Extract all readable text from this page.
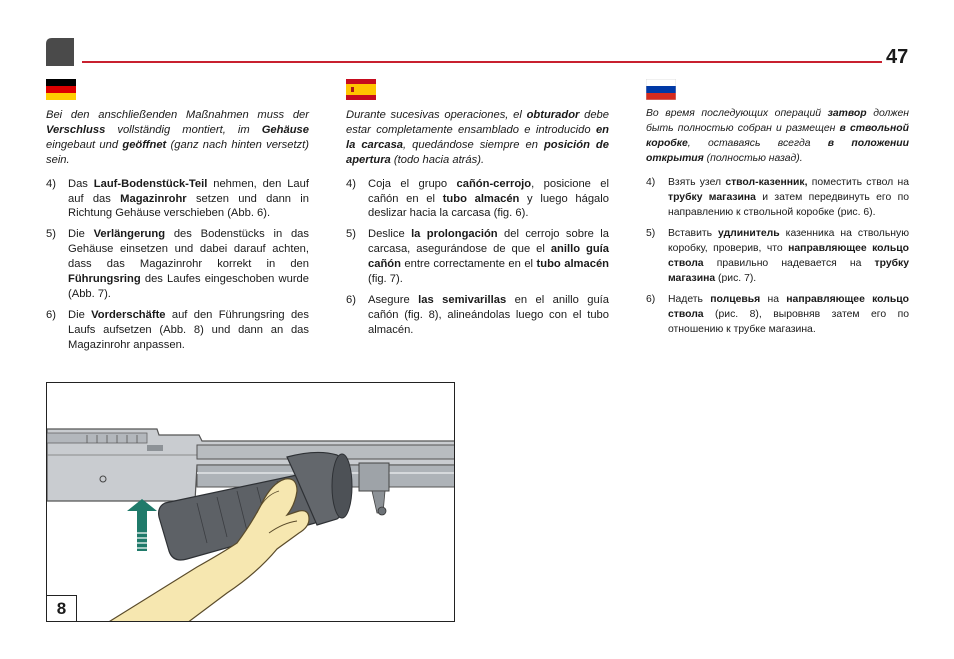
47

Bei den anschließenden Maßnahmen muss der Verschluss vollständig montiert, im Gehäuse eingebaut und geöffnet (ganz nach hinten versetzt) sein.

4)	Das Lauf-Bodenstück-Teil nehmen, den Lauf auf das Magazinrohr setzen und dann in Richtung Gehäuse verschieben (Abb. 6).
5)	Die Verlängerung des Bodenstücks in das Gehäuse einsetzen und dabei darauf achten, dass das Magazinrohr korrekt in den Führungsring des Laufes eingeschoben wurde (Abb. 7).
6)	Die Vorderschäfte auf den Führungsring des Laufs aufsetzen (Abb. 8) und dann an das Magazinrohr anpassen.

Durante sucesivas operaciones, el obturador debe estar completamente ensamblado e introducido en la carcasa, quedándose siempre en posición de apertura (todo hacia atrás).

4)	Coja el grupo cañón-cerrojo, posicione el cañón en el tubo almacén y luego hágalo deslizar hacia la carcasa (fig. 6).
5)	Deslice la prolongación del cerrojo sobre la carcasa, asegurándose de que el anillo guía cañón entre correctamente en el tubo almacén (fig. 7).
6)	Asegure las semivarillas en el anillo guía cañón (fig. 8), alineándolas luego con el tubo almacén.

Во время последующих операций затвор должен быть полностью собран и размещен в ствольной коробке, оставаясь всегда в положении открытия (полностью назад).

4)	Взять узел ствол-казенник, поместить ствол на трубку магазина и затем передвинуть его по направлению к ствольной коробке (рис. 6).
5)	Вставить удлинитель казенника на ствольную коробку, проверив, что направляющее кольцо ствола правильно надевается на трубку магазина (рис. 7).
6)	Надеть полцевья на направляющее кольцо ствола (рис. 8), выровняв затем его по отношению к трубке магазина.
8
